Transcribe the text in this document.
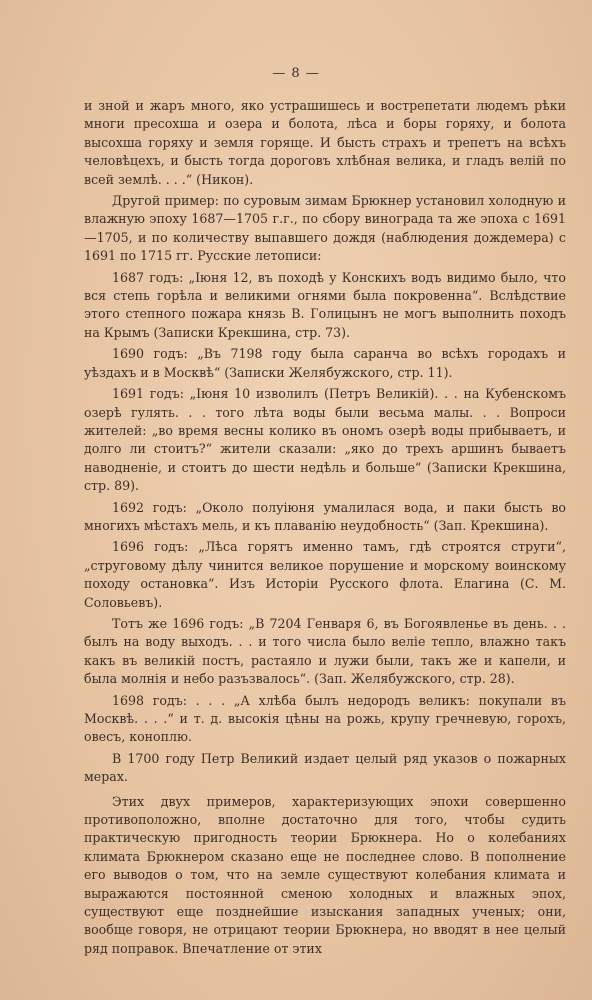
— 8 —

и зной и жаръ много, яко устрашишесь и вострепетати людемъ рѣки многи пресохша и озера и болота, лѣса и боры горяху, и болота высохша горяху и земля горяще. И бысть страхъ и трепетъ на всѣхъ человѣцехъ, и бысть тогда дороговъ хлѣбная велика, и гладъ велiй по всей землѣ. . . .“ (Никон).

Другой пример: по суровым зимам Брюкнер установил холодную и влажную эпоху 1687—1705 г.г., по сбору винограда та же эпоха с 1691—1705, и по количеству выпавшего дождя (наблюдения дождемера) с 1691 по 1715 гг. Русские летописи:

1687 годъ: „Iюня 12, въ походѣ у Конскихъ водъ видимо было, что вся степь горѣла и великими огнями была покровенна“. Вслѣдствие этого степного пожара князь В. Голицынъ не могъ выполнить походъ на Крымъ (Записки Крекшина, стр. 73).

1690 годъ: „Въ 7198 году была саранча во всѣхъ городахъ и уѣздахъ и в Москвѣ“ (Записки Желябужского, стр. 11).

1691 годъ: „Iюня 10 изволилъ (Петръ Великiй). . . на Кубенскомъ озерѣ гулять. . . того лѣта воды были весьма малы. . . Вопроси жителей: „во время весны колико въ ономъ озерѣ воды прибываетъ, и долго ли стоитъ?“ жители сказали: „яко до трехъ аршинъ бываетъ наводненiе, и стоитъ до шести недѣль и больше“ (Записки Крекшина, стр. 89).

1692 годъ: „Около полуiюня умалилася вода, и паки бысть во многихъ мѣстахъ мель, и къ плаванiю неудобность“ (Зап. Крекшина).

1696 годъ: „Лѣса горятъ именно тамъ, гдѣ строятся струги“, „струговому дѣлу чинится великое порушение и морскому воинскому походу остановка“. Изъ Исторiи Русского флота. Елагина (С. М. Соловьевъ).

Тотъ же 1696 годъ: „В 7204 Генваря 6, въ Богоявленье въ день. . . былъ на воду выходъ. . . и того числа было велiе тепло, влажно такъ какъ въ великiй постъ, растаяло и лужи были, такъ же и капели, и была молнiя и небо разъзвалось“. (Зап. Желябужского, стр. 28).

1698 годъ: . . . „А хлѣба былъ недородъ великъ: покупали въ Москвѣ. . . .“ и т. д. высокiя цѣны на рожь, крупу гречневую, горохъ, овесъ, коноплю.

В 1700 году Петр Великий издает целый ряд указов о пожарных мерах.

Этих двух примеров, характеризующих эпохи совершенно противоположно, вполне достаточно для того, чтобы судить практическую пригодность теории Брюкнера. Но о колебаниях климата Брюкнером сказано еще не последнее слово. В пополнение его выводов о том, что на земле существуют колебания климата и выражаются постоянной сменою холодных и влажных эпох, существуют еще позднейшие изыскания западных ученых; они, вообще говоря, не отрицают теории Брюкнера, но вводят в нее целый ряд поправок. Впечатление от этих
